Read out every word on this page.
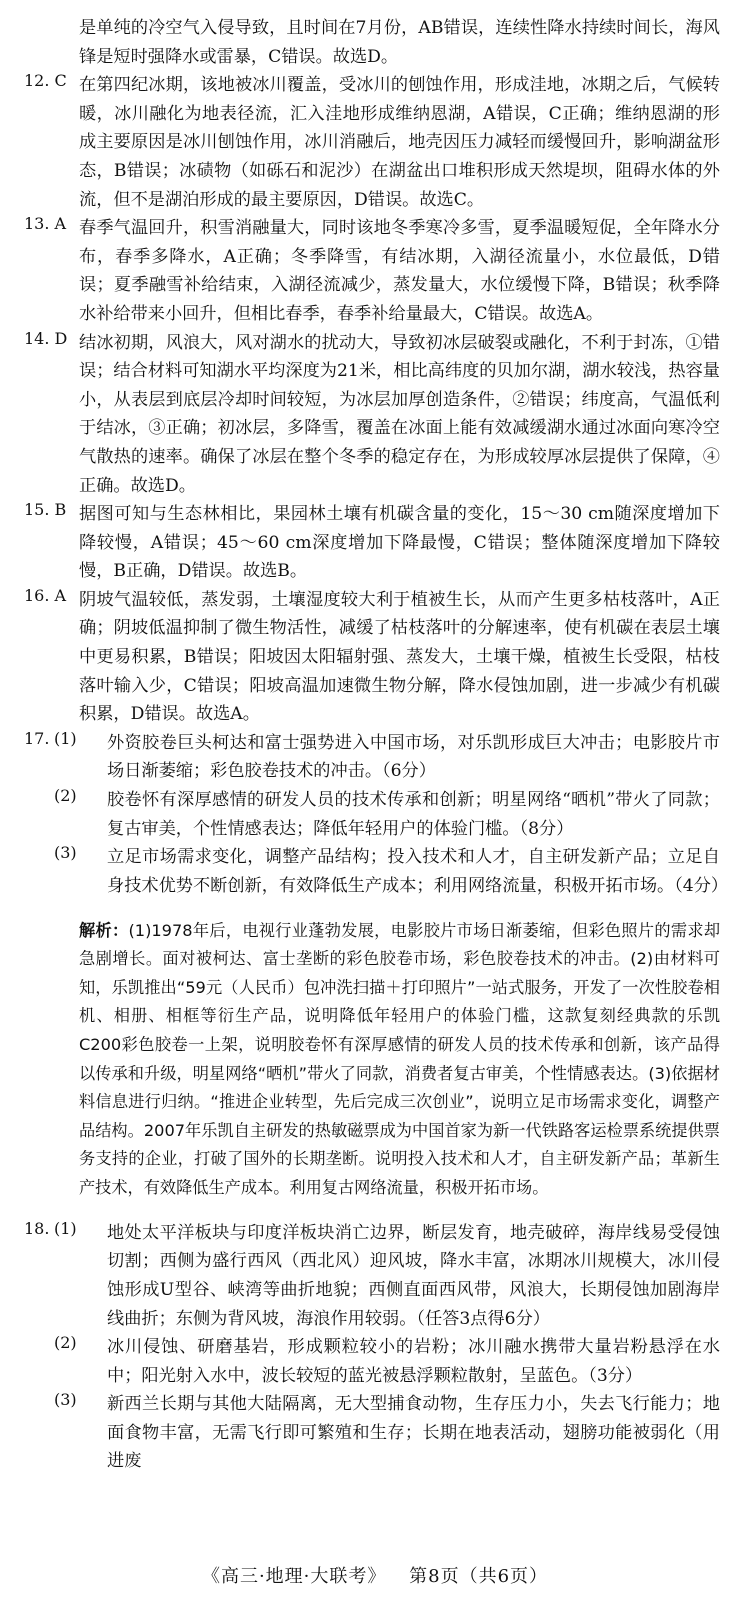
是单纯的冷空气入侵导致，且时间在7月份，AB错误，连续性降水持续时间长，海风锋是短时强降水或雷暴，C错误。故选D。

12. C 在第四纪冰期，该地被冰川覆盖，受冰川的刨蚀作用，形成洼地，冰期之后，气候转暖，冰川融化为地表径流，汇入洼地形成维纳恩湖，A错误，C正确；维纳恩湖的形成主要原因是冰川刨蚀作用，冰川消融后，地壳因压力减轻而缓慢回升，影响湖盆形态，B错误；冰碛物（如砾石和泥沙）在湖盆出口堆积形成天然堤坝，阻碍水体的外流，但不是湖泊形成的最主要原因，D错误。故选C。

13. A 春季气温回升，积雪消融量大，同时该地冬季寒冷多雪，夏季温暖短促，全年降水分布，春季多降水，A正确；冬季降雪，有结冰期，入湖径流量小，水位最低，D错误；夏季融雪补给结束，入湖径流减少，蒸发量大，水位缓慢下降，B错误；秋季降水补给带来小回升，但相比春季，春季补给量最大，C错误。故选A。

14. D 结冰初期，风浪大，风对湖水的扰动大，导致初冰层破裂或融化，不利于封冻，①错误；结合材料可知湖水平均深度为21米，相比高纬度的贝加尔湖，湖水较浅，热容量小，从表层到底层冷却时间较短，为冰层加厚创造条件，②错误；纬度高，气温低利于结冰，③正确；初冰层，多降雪，覆盖在冰面上能有效减缓湖水通过冰面向寒冷空气散热的速率。确保了冰层在整个冬季的稳定存在，为形成较厚冰层提供了保障，④正确。故选D。

15. B 据图可知与生态林相比，果园林土壤有机碳含量的变化，15～30 cm随深度增加下降较慢，A错误；45～60 cm深度增加下降最慢，C错误；整体随深度增加下降较慢，B正确，D错误。故选B。

16. A 阴坡气温较低，蒸发弱，土壤湿度较大利于植被生长，从而产生更多枯枝落叶，A正确；阴坡低温抑制了微生物活性，减缓了枯枝落叶的分解速率，使有机碳在表层土壤中更易积累，B错误；阳坡因太阳辐射强、蒸发大，土壤干燥，植被生长受限，枯枝落叶输入少，C错误；阳坡高温加速微生物分解，降水侵蚀加剧，进一步减少有机碳积累，D错误。故选A。

17. (1)	外资胶卷巨头柯达和富士强势进入中国市场，对乐凯形成巨大冲击；电影胶片市场日渐萎缩；彩色胶卷技术的冲击。（6分）

(2)	胶卷怀有深厚感情的研发人员的技术传承和创新；明星网络“晒机”带火了同款；复古审美，个性情感表达；降低年轻用户的体验门槛。（8分）

(3)	立足市场需求变化，调整产品结构；投入技术和人才，自主研发新产品；立足自身技术优势不断创新，有效降低生产成本；利用网络流量，积极开拓市场。（4分）

解析：(1)1978年后，电视行业蓬勃发展，电影胶片市场日渐萎缩，但彩色照片的需求却急剧增长。面对被柯达、富士垄断的彩色胶卷市场，彩色胶卷技术的冲击。(2)由材料可知，乐凯推出“59元（人民币）包冲洗扫描＋打印照片”一站式服务，开发了一次性胶卷相机、相册、相框等衍生产品，说明降低年轻用户的体验门槛，这款复刻经典款的乐凯C200彩色胶卷一上架，说明胶卷怀有深厚感情的研发人员的技术传承和创新，该产品得以传承和升级，明星网络“晒机”带火了同款，消费者复古审美，个性情感表达。(3)依据材料信息进行归纳。“推进企业转型，先后完成三次创业”，说明立足市场需求变化，调整产品结构。2007年乐凯自主研发的热敏磁票成为中国首家为新一代铁路客运检票系统提供票务支持的企业，打破了国外的长期垄断。说明投入技术和人才，自主研发新产品；革新生产技术，有效降低生产成本。利用复古网络流量，积极开拓市场。

18. (1)	地处太平洋板块与印度洋板块消亡边界，断层发育，地壳破碎，海岸线易受侵蚀切割；西侧为盛行西风（西北风）迎风坡，降水丰富，冰期冰川规模大，冰川侵蚀形成U型谷、峡湾等曲折地貌；西侧直面西风带，风浪大，长期侵蚀加剧海岸线曲折；东侧为背风坡，海浪作用较弱。（任答3点得6分）

(2)	冰川侵蚀、研磨基岩，形成颗粒较小的岩粉；冰川融水携带大量岩粉悬浮在水中；阳光射入水中，波长较短的蓝光被悬浮颗粒散射，呈蓝色。（3分）

(3)	新西兰长期与其他大陆隔离，无大型捕食动物，生存压力小，失去飞行能力；地面食物丰富，无需飞行即可繁殖和生存；长期在地表活动，翅膀功能被弱化（用进废

《高三·地理·大联考》 第8页（共6页）
